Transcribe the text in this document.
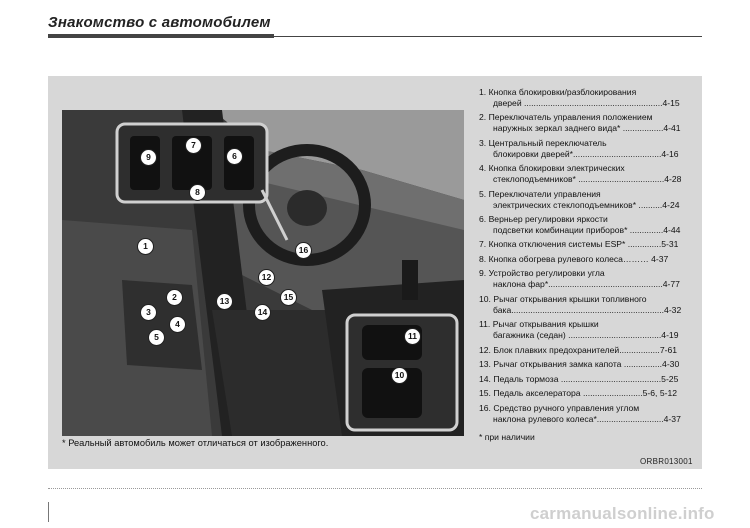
Знакомство с автомобилем
1
2
3
4
5
6
7
8
9
10
11
12
13
14
15
16
1. Кнопка блокировки/разблокирования
дверей ..........................................................4-15
2. Переключатель управления положением
наружных зеркал заднего вида* .................4-41
3. Центральный переключатель
блокировки дверей*.....................................4-16
4. Кнопка блокировки электрических
стеклоподъемников* ....................................4-28
5. Переключатели управления
электрических стеклоподъемников* ..........4-24
6. Верньер регулировки яркости
подсветки комбинации приборов* ..............4-44
7. Кнопка отключения системы ESP* ..............5-31
8. Кнопка обогрева рулевого колеса……… 4-37
9. Устройство регулировки угла
наклона фар*................................................4-77
10. Рычаг открывания крышки топливного
бака................................................................4-32
11. Рычаг открывания крышки
багажника (седан) .......................................4-19
12. Блок плавких предохранителей.................7-61
13. Рычаг открывания замка капота ................4-30
14. Педаль тормоза ..........................................5-25
15. Педаль акселератора .........................5-6, 5-12
16. Средство ручного управления углом
наклона рулевого колеса*............................4-37
* Реальный автомобиль может отличаться от изображенного.
* при наличии
ORBR013001
carmanualsonline.info
